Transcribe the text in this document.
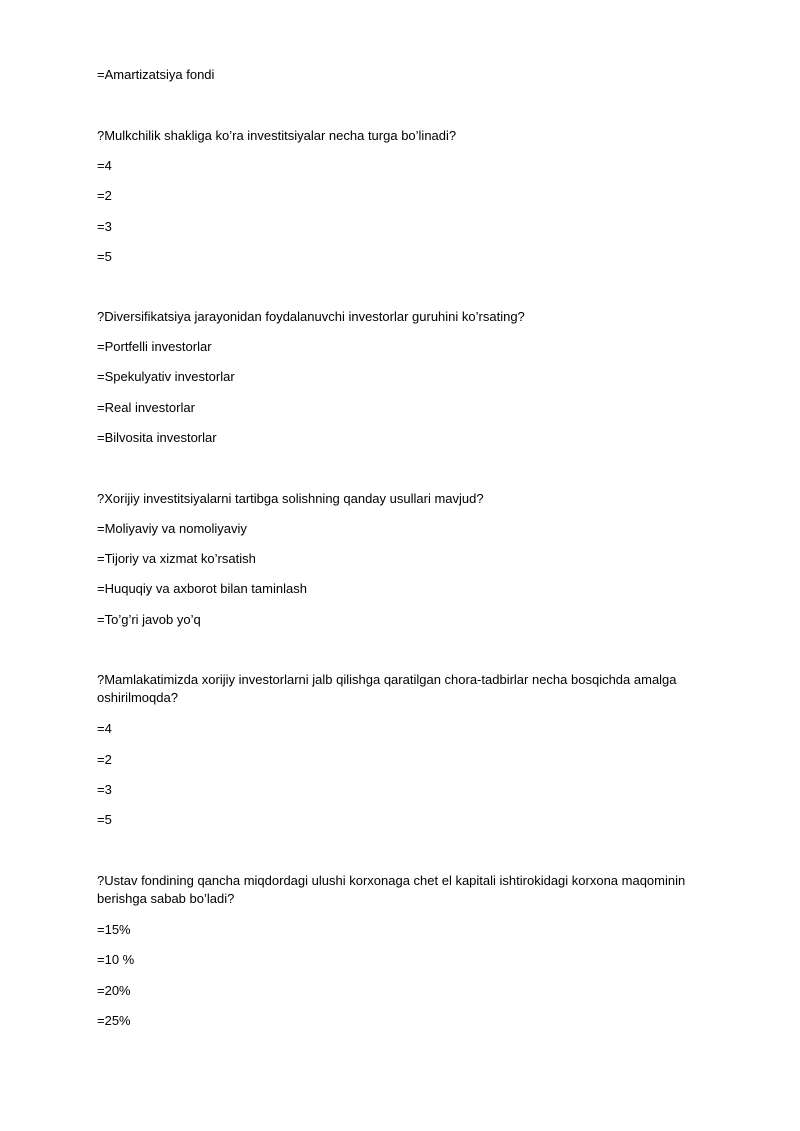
=Amartizatsiya fondi
?Mulkchilik shakliga ko’ra investitsiyalar necha turga bo’linadi?
=4
=2
=3
=5
?Diversifikatsiya jarayonidan foydalanuvchi investorlar guruhini ko’rsating?
=Portfelli investorlar
=Spekulyativ investorlar
=Real investorlar
=Bilvosita investorlar
?Xorijiy investitsiyalarni tartibga solishning qanday usullari mavjud?
=Moliyaviy va nomoliyaviy
=Tijoriy va xizmat ko’rsatish
=Huquqiy va axborot bilan taminlash
=To’g’ri javob yo’q
?Mamlakatimizda xorijiy investorlarni jalb qilishga qaratilgan chora-tadbirlar necha bosqichda amalga oshirilmoqda?
=4
=2
=3
=5
?Ustav fondining qancha miqdordagi ulushi korxonaga chet el kapitali ishtirokidagi korxona maqominin berishga sabab bo’ladi?
=15%
=10 %
=20%
=25%
